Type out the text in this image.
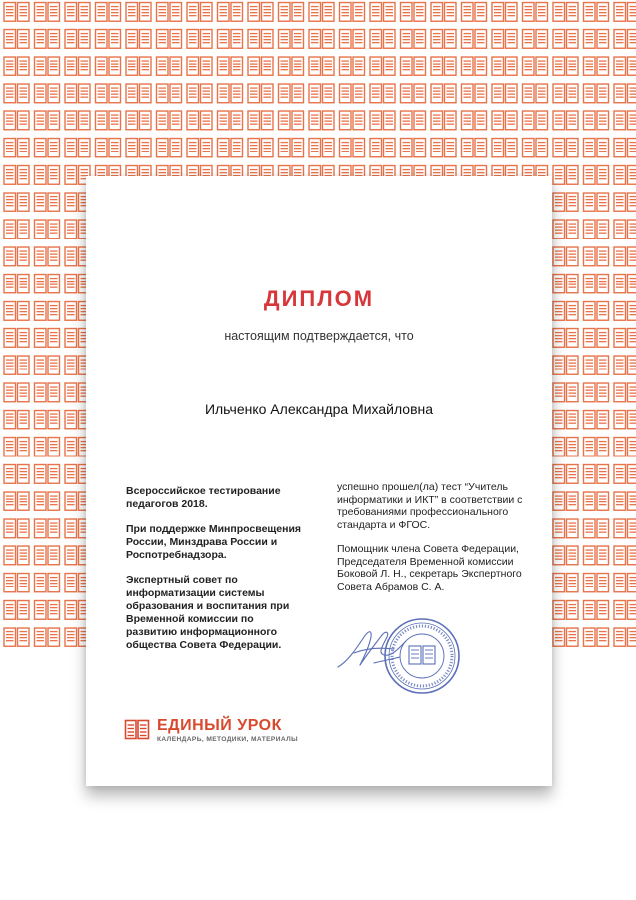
ДИПЛОМ
настоящим подтверждается, что
Ильченко Александра Михайловна

Всероссийское тестирование педагогов 2018.

При поддержке Минпросвещения России, Минздрава России и Роспотребнадзора.

Экспертный совет по информатизации системы образования и воспитания при Временной комиссии по развитию информационного общества Совета Федерации.

успешно прошел(ла) тест “Учитель информатики и ИКТ” в соответствии с требованиями профессионального стандарта и ФГОС.

Помощник члена Совета Федерации, Председателя Временной комиссии Боковой Л. Н., секретарь Экспертного Совета Абрамов С. А.

ЕДИНЫЙ УРОК
КАЛЕНДАРЬ, МЕТОДИКИ, МАТЕРИАЛЫ
